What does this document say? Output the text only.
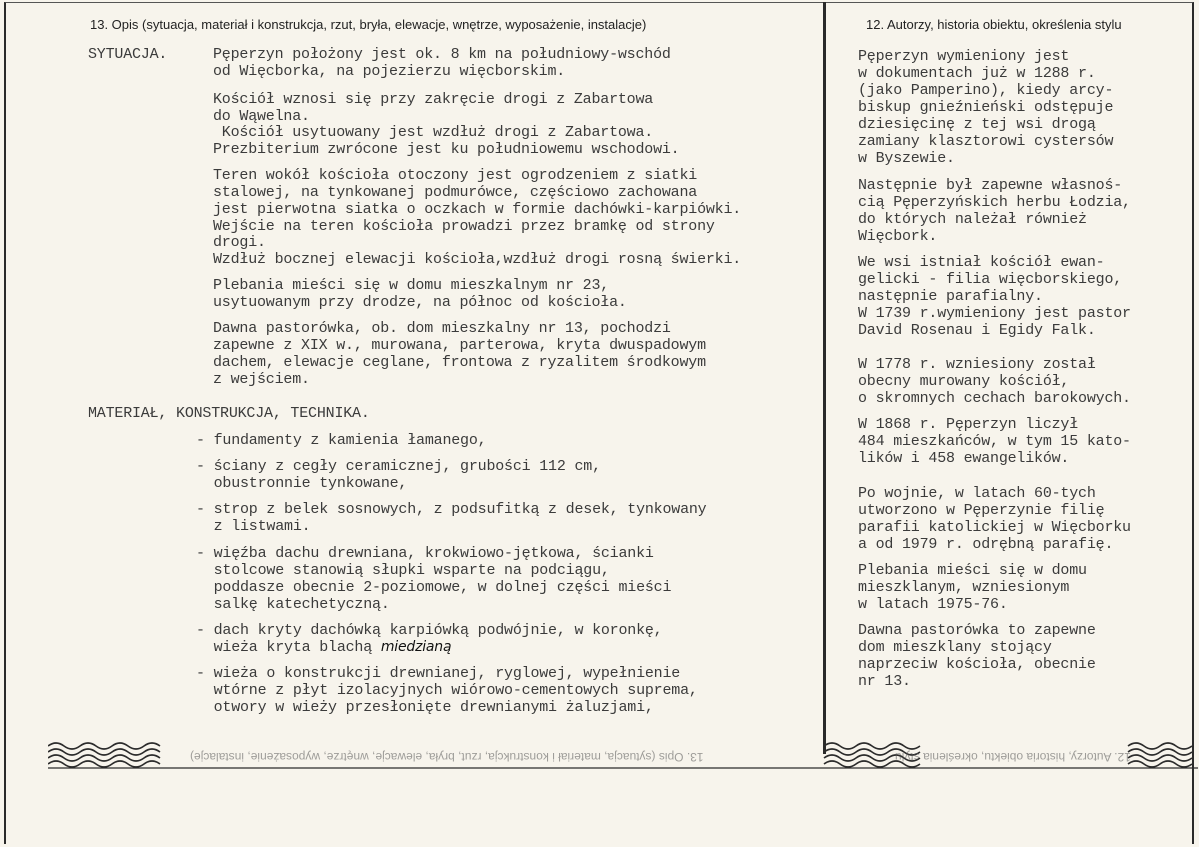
13. Opis (sytuacja, materiał i konstrukcja, rzut, bryła, elewacje, wnętrze, wyposażenie, instalacje)	12. Autorzy, historia obiektu, określenia stylu
SYTUACJA.	Pęperzyn położony jest ok. 8 km na południowy-wschód
od Więcborka, na pojezierzu więcborskim.
Kościół wznosi się przy zakręcie drogi z Zabartowa
do Wąwelna.
Kościół usytuowany jest wzdłuż drogi z Zabartowa.
Prezbiterium zwrócone jest ku południowemu wschodowi.
Teren wokół kościoła otoczony jest ogrodzeniem z siatki
stalowej, na tynkowanej podmurówce, częściowo zachowana
jest pierwotna siatka o oczkach w formie dachówki-karpiówki.
Wejście na teren kościoła prowadzi przez bramkę od strony
drogi.
Wzdłuż bocznej elewacji kościoła,wzdłuż drogi rosną świerki.
Plebania mieści się w domu mieszkalnym nr 23,
usytuowanym przy drodze, na północ od kościoła.
Dawna pastorówka, ob. dom mieszkalny nr 13, pochodzi
zapewne z XIX w., murowana, parterowa, kryta dwuspadowym
dachem, elewacje ceglane, frontowa z ryzalitem środkowym
z wejściem.
MATERIAŁ, KONSTRUKCJA, TECHNIKA.
- fundamenty z kamienia łamanego,
- ściany z cegły ceramicznej, grubości 112 cm,
obustronnie tynkowane,
- strop z belek sosnowych, z podsufitką z desek, tynkowany
z listwami.
- więźba dachu drewniana, krokwiowo-jętkowa, ścianki
stolcowe stanowią słupki wsparte na podciągu,
poddasze obecnie 2-poziomowe, w dolnej części mieści
salkę katechetyczną.
- dach kryty dachówką karpiówką podwójnie, w koronkę,
wieża kryta blachą miedzianą
- wieża o konstrukcji drewnianej, ryglowej, wypełnienie
wtórne z płyt izolacyjnych wiórowo-cementowych suprema,
otwory w wieży przesłonięte drewnianymi żaluzjami,
Pęperzyn wymieniony jest
w dokumentach już w 1288 r.
(jako Pamperino), kiedy arcy-
biskup gnieźnieński odstępuje
dziesięcinę z tej wsi drogą
zamiany klasztorowi cystersów
w Byszewie.
Następnie był zapewne własnoś-
cią Pęperzyńskich herbu Łodzia,
do których należał również
Więcbork.
We wsi istniał kościół ewan-
gelicki - filia więcborskiego,
następnie parafialny.
W 1739 r.wymieniony jest pastor
David Rosenau i Egidy Falk.
W 1778 r. wzniesiony został
obecny murowany kościół,
o skromnych cechach barokowych.
W 1868 r. Pęperzyn liczył
484 mieszkańców, w tym 15 kato-
lików i 458 ewangelików.
Po wojnie, w latach 60-tych
utworzono w Pęperzynie filię
parafii katolickiej w Więcborku
a od 1979 r. odrębną parafię.
Plebania mieści się w domu
mieszklanym, wzniesionym
w latach 1975-76.
Dawna pastorówka to zapewne
dom mieszklany stojący
naprzeciw kościoła, obecnie
nr 13.
13. Opis (sytuacja, materiał i konstrukcja, rzut, bryła, elewacje, wnętrze, wyposażenie, instalacje)	12. Autorzy, historia obiektu, określenia stylu
